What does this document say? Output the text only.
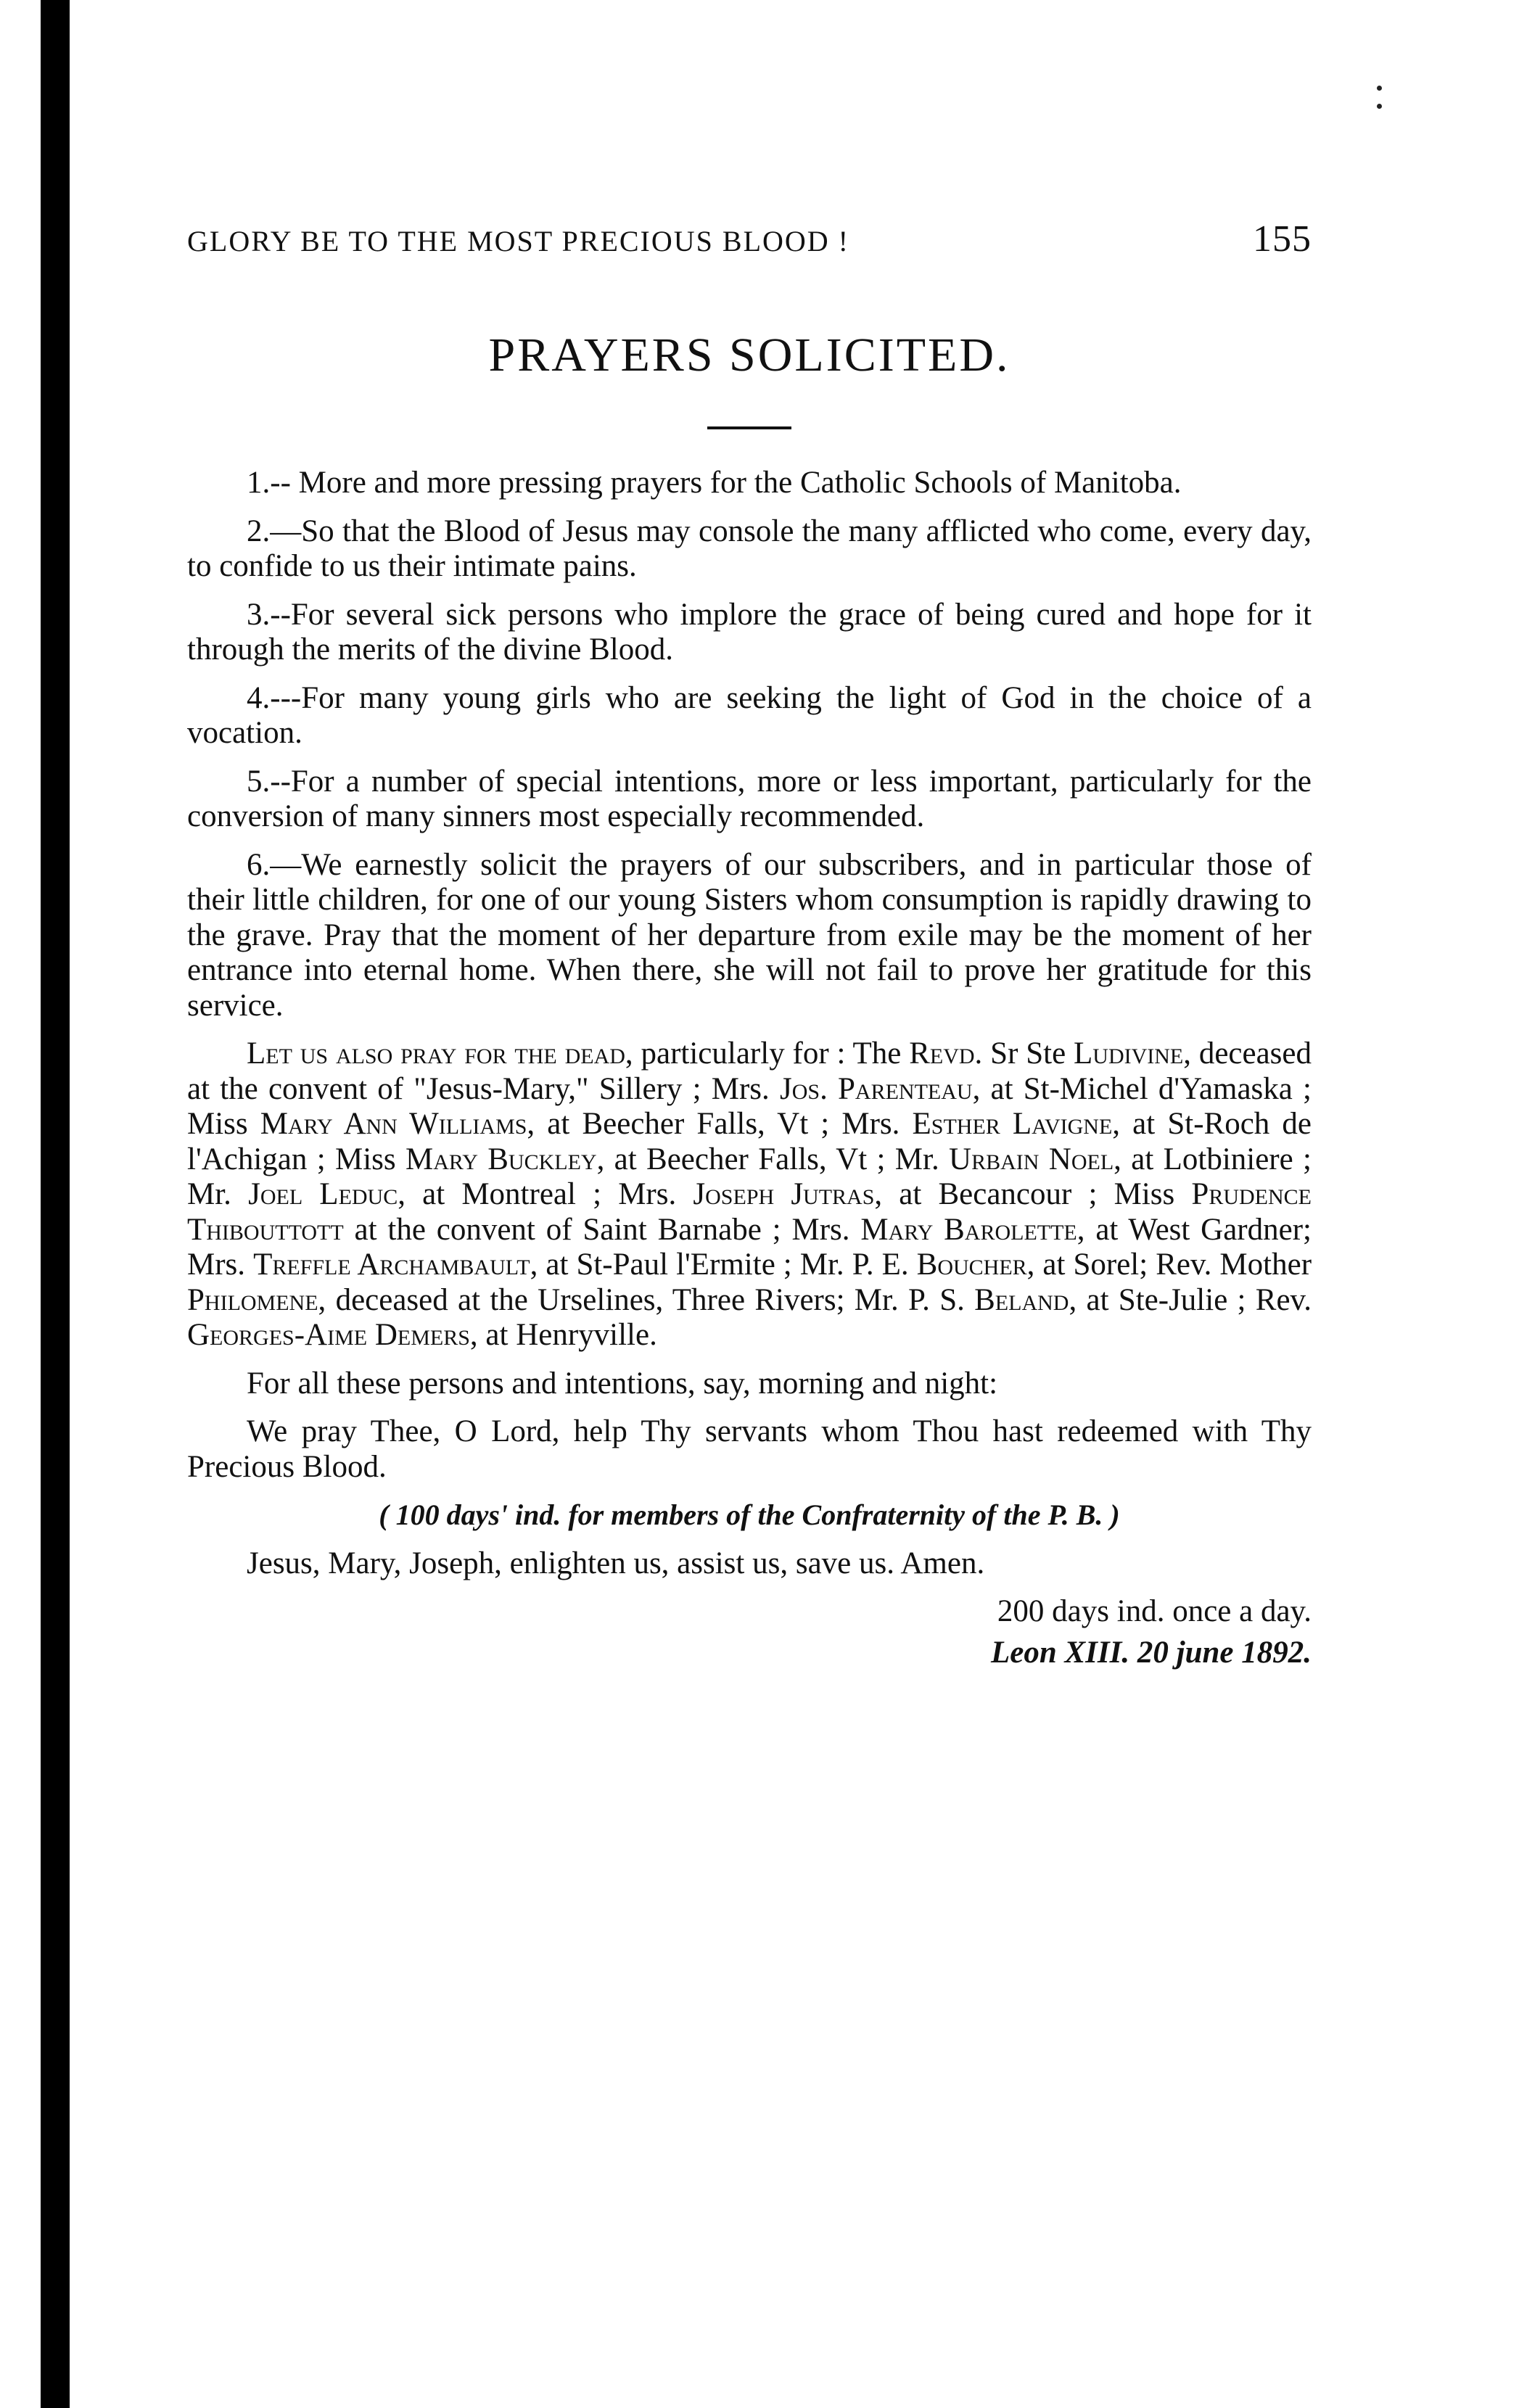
GLORY BE TO THE MOST PRECIOUS BLOOD !	155
PRAYERS SOLICITED.

1.-- More and more pressing prayers for the Catholic Schools of Manitoba.

2.—So that the Blood of Jesus may console the many afflicted who come, every day, to confide to us their intimate pains.

3.--For several sick persons who implore the grace of being cured and hope for it through the merits of the divine Blood.

4.---For many young girls who are seeking the light of God in the choice of a vocation.

5.--For a number of special intentions, more or less important, particularly for the conversion of many sinners most especially recommended.

6.—We earnestly solicit the prayers of our subscribers, and in particular those of their little children, for one of our young Sisters whom consumption is rapidly drawing to the grave. Pray that the moment of her departure from exile may be the moment of her entrance into eternal home. When there, she will not fail to prove her gratitude for this service.

Let us also pray for the dead, particularly for : The Revd. Sr Ste Ludivine, deceased at the convent of "Jesus-Mary," Sillery ; Mrs. Jos. Parenteau, at St-Michel d'Yamaska ; Miss Mary Ann Williams, at Beecher Falls, Vt ; Mrs. Esther Lavigne, at St-Roch de l'Achigan ; Miss Mary Buckley, at Beecher Falls, Vt ; Mr. Urbain Noel, at Lotbiniere ; Mr. Joel Leduc, at Montreal ; Mrs. Joseph Jutras, at Becancour ; Miss Prudence Thibouttott at the convent of Saint Barnabe ; Mrs. Mary Barolette, at West Gardner; Mrs. Treffle Archambault, at St-Paul l'Ermite ; Mr. P. E. Boucher, at Sorel; Rev. Mother Philomene, deceased at the Urselines, Three Rivers; Mr. P. S. Beland, at Ste-Julie ; Rev. Georges-Aime Demers, at Henryville.

For all these persons and intentions, say, morning and night:

We pray Thee, O Lord, help Thy servants whom Thou hast redeemed with Thy Precious Blood.

( 100 days' ind. for members of the Confraternity of the P. B. )

Jesus, Mary, Joseph, enlighten us, assist us, save us. Amen.

200 days ind. once a day.

Leon XIII. 20 june 1892.
